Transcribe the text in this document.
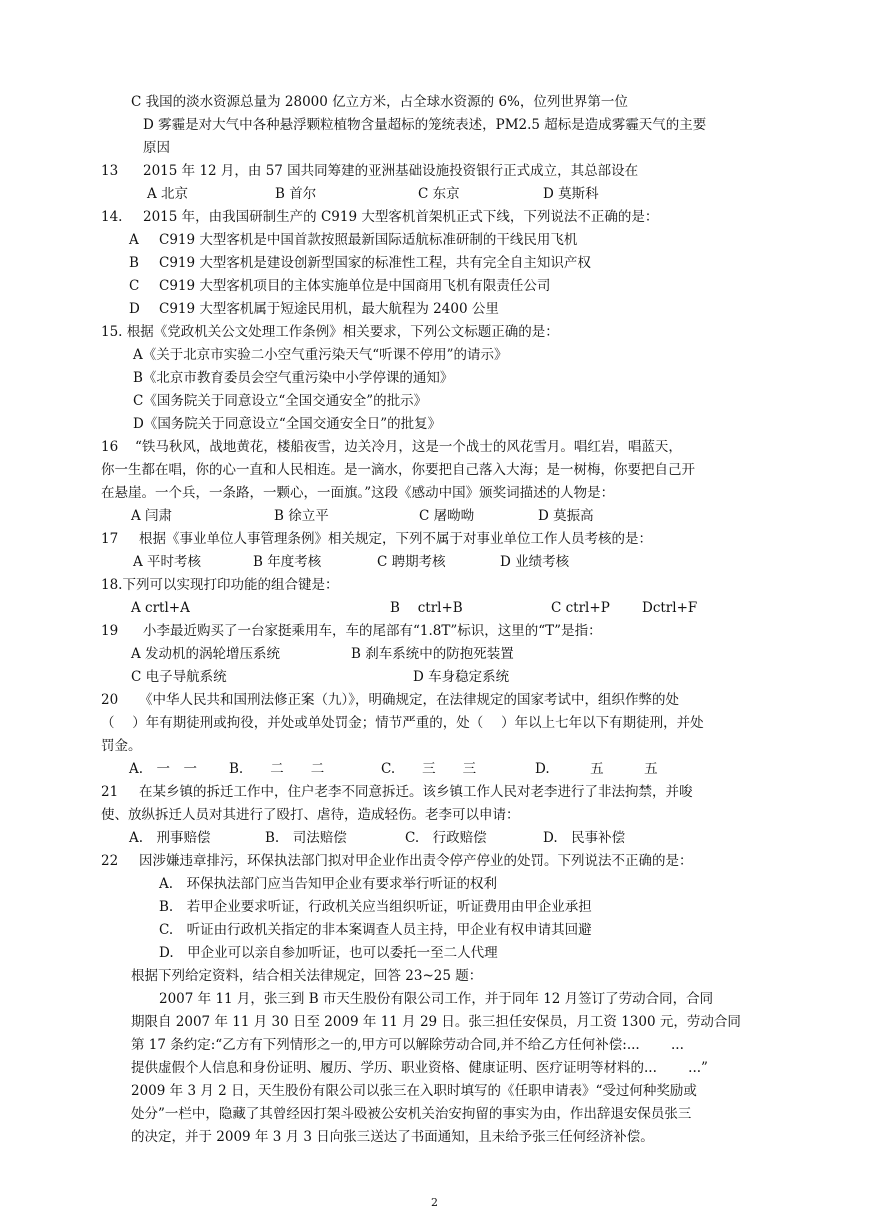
C 我国的淡水资源总量为 28000 亿立方米，占全球水资源的 6%，位列世界第一位
D 雾霾是对大气中各种悬浮颗粒植物含量超标的笼统表述，PM2.5 超标是造成雾霾天气的主要
原因
13 2015 年 12 月，由 57 国共同筹建的亚洲基础设施投资银行正式成立，其总部设在
A 北京	B 首尔	C 东京	D 莫斯科
14. 2015 年，由我国研制生产的 C919 大型客机首架机正式下线，下列说法不正确的是：
A C919 大型客机是中国首款按照最新国际适航标准研制的干线民用飞机
B C919 大型客机是建设创新型国家的标准性工程，共有完全自主知识产权
C C919 大型客机项目的主体实施单位是中国商用飞机有限责任公司
D C919 大型客机属于短途民用机，最大航程为 2400 公里
15. 根据《党政机关公文处理工作条例》相关要求，下列公文标题正确的是：
A《关于北京市实验二小空气重污染天气“听课不停用”的请示》
B《北京市教育委员会空气重污染中小学停课的通知》
C《国务院关于同意设立“全国交通安全”的批示》
D《国务院关于同意设立“全国交通安全日”的批复》
16 “铁马秋风，战地黄花，楼船夜雪，边关冷月，这是一个战士的风花雪月。唱红岩，唱蓝天，
你一生都在唱，你的心一直和人民相连。是一滴水，你要把自己落入大海；是一树梅，你要把自己开
在悬崖。一个兵，一条路，一颗心，一面旗。”这段《感动中国》颁奖词描述的人物是：
A 闫肃	B 徐立平	C 屠呦呦	D 莫振高
17 根据《事业单位人事管理条例》相关规定，下列不属于对事业单位工作人员考核的是：
A 平时考核	B 年度考核	C 聘期考核	D 业绩考核
18.下列可以实现打印功能的组合键是：
A crtl+A	B　 ctrl+B	C ctrl+P Dctrl+F
19 小李最近购买了一台家挺乘用车，车的尾部有“1.8T”标识，这里的“T”是指：
A 发动机的涡轮增压系统	B 刹车系统中的防抱死装置
C 电子导航系统	D 车身稳定系统
20 《中华人民共和国刑法修正案（九）》，明确规定，在法律规定的国家考试中，组织作弊的处
（　 ）年有期徒刑或拘役，并处或单处罚金；情节严重的，处（　 ）年以上七年以下有期徒刑，并处
罚金。
A.　一　一 B.　　二　　二	C.　　三　　三	D.　　　五　　　五
21 在某乡镇的拆迁工作中，住户老李不同意拆迁。该乡镇工作人民对老李进行了非法拘禁，并唆
使、放纵拆迁人员对其进行了殴打、虐待，造成轻伤。老李可以申请：
A.　刑事赔偿	B.　司法赔偿	C.　行政赔偿	D.　民事补偿
22 因涉嫌违章排污，环保执法部门拟对甲企业作出责令停产停业的处罚。下列说法不正确的是：
A.　环保执法部门应当告知甲企业有要求举行听证的权利
B.　若甲企业要求听证，行政机关应当组织听证，听证费用由甲企业承担
C.　听证由行政机关指定的非本案调查人员主持，甲企业有权申请其回避
D.　甲企业可以亲自参加听证，也可以委托一至二人代理
根据下列给定资料，结合相关法律规定，回答 23~25 题：
2007 年 11 月，张三到 B 市天生股份有限公司工作，并于同年 12 月签订了劳动合同，合同
期限自 2007 年 11 月 30 日至 2009 年 11 月 29 日。张三担任安保员，月工资 1300 元，劳动合同
第 17 条约定:“乙方有下列情形之一的,甲方可以解除劳动合同,并不给乙方任何补偿:...　　 ...
提供虚假个人信息和身份证明、履历、学历、职业资格、健康证明、医疗证明等材料的...　　 ...”
2009 年 3 月 2 日，天生股份有限公司以张三在入职时填写的《任职申请表》“受过何种奖励或
处分”一栏中，隐藏了其曾经因打架斗殴被公安机关治安拘留的事实为由，作出辞退安保员张三
的决定，并于 2009 年 3 月 3 日向张三送达了书面通知，且未给予张三任何经济补偿。
2
